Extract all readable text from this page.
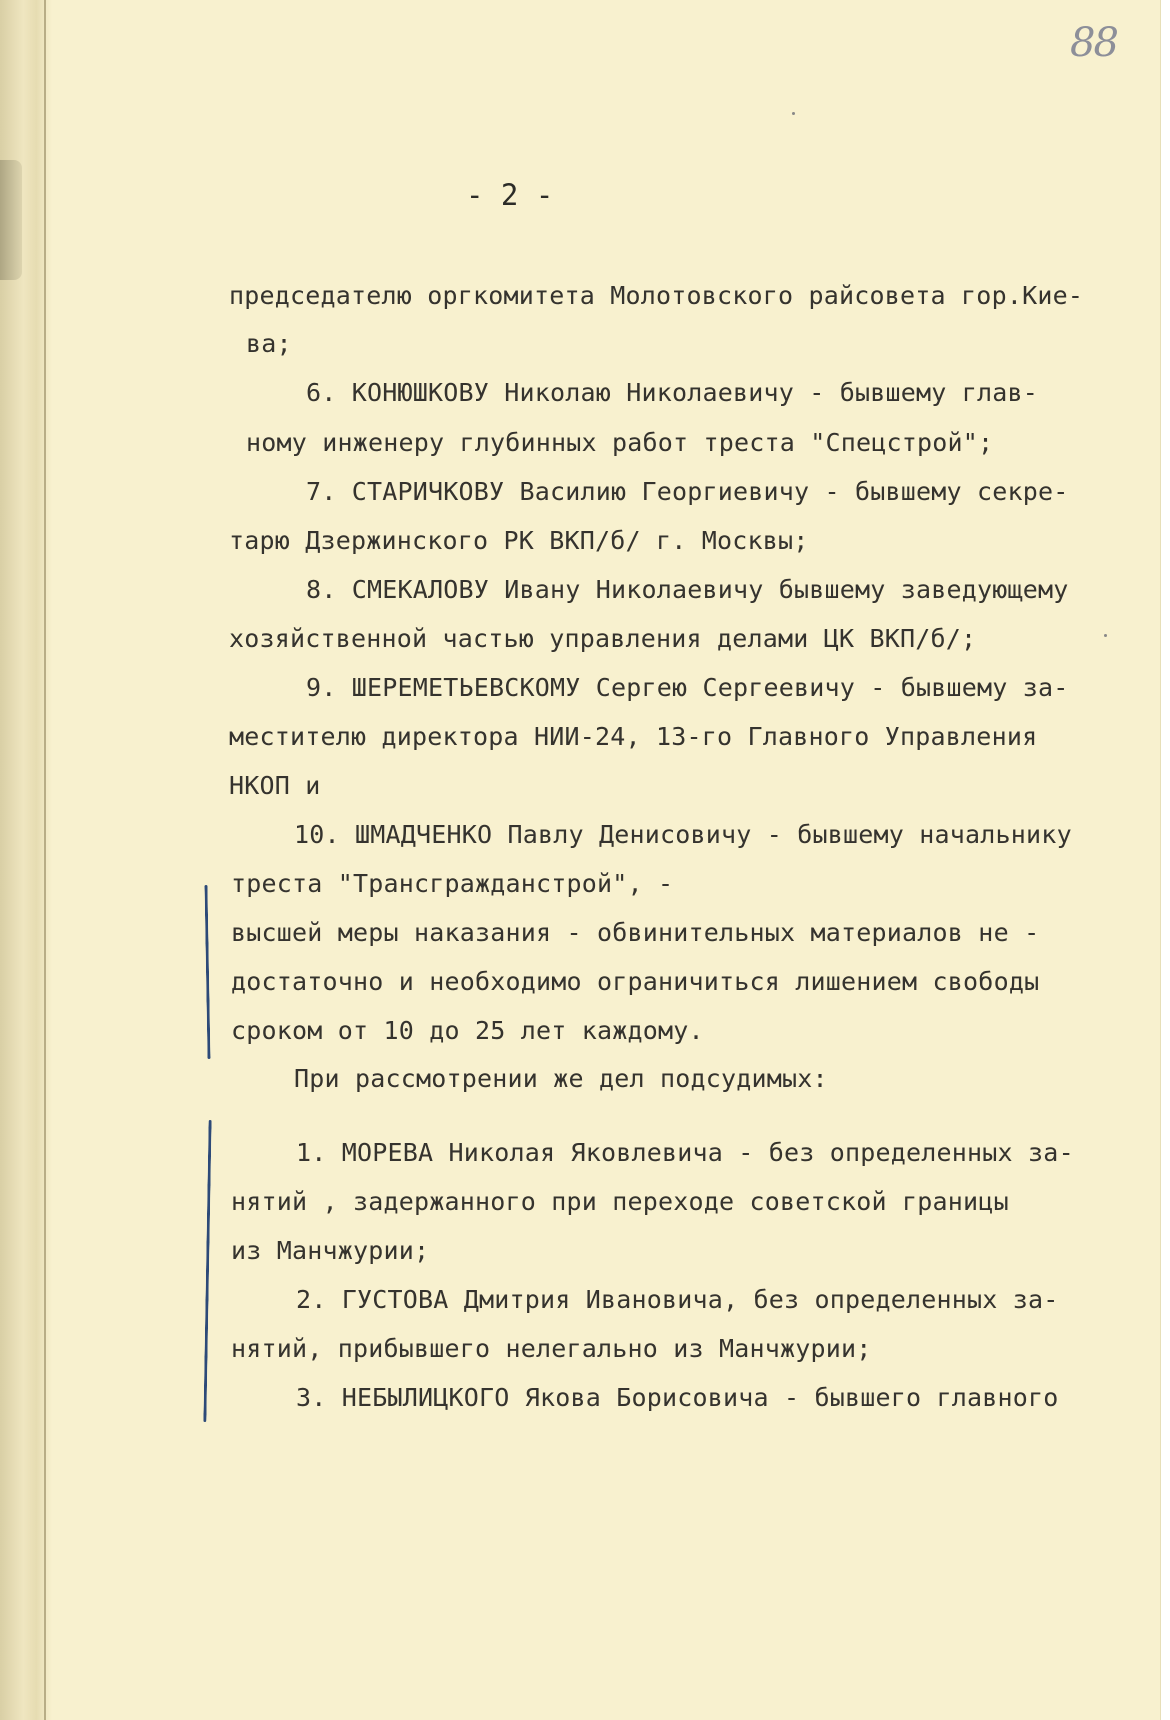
88
- 2 -
председателю оргкомитета Молотовского райсовета гор.Кие-
ва;
6. КОНЮШКОВУ Николаю Николаевичу - бывшему глав-
ному инженеру глубинных работ треста "Спецстрой";
7. СТАРИЧКОВУ Василию Георгиевичу - бывшему секре-
тарю Дзержинского РК ВКП/б/ г. Москвы;
8. СМЕКАЛОВУ Ивану Николаевичу бывшему заведующему
хозяйственной частью управления делами ЦК ВКП/б/;
9. ШЕРЕМЕТЬЕВСКОМУ Сергею Сергеевичу - бывшему за-
местителю директора НИИ-24, 13-го Главного Управления
НКОП и
10. ШМАДЧЕНКО Павлу Денисовичу - бывшему начальнику
треста "Трансгражданстрой", -
высшей меры наказания - обвинительных материалов не -
достаточно и необходимо ограничиться лишением свободы
сроком от 10 до 25 лет каждому.
При рассмотрении же дел подсудимых:
1. МОРЕВА Николая Яковлевича - без определенных за-
нятий , задержанного при переходе советской границы
из Манчжурии;
2. ГУСТОВА Дмитрия Ивановича, без определенных за-
нятий, прибывшего нелегально из Манчжурии;
3. НЕБЫЛИЦКОГО Якова Борисовича - бывшего главного
